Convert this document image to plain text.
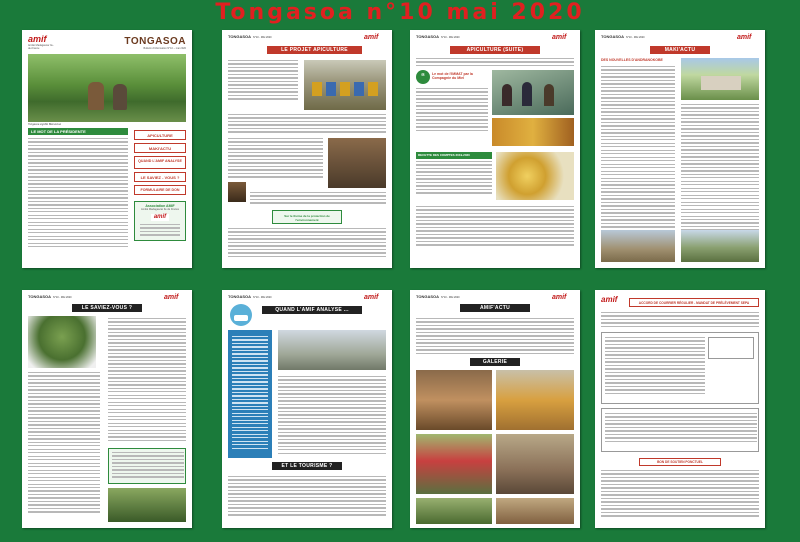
Tongasoa n°10 mai 2020
amif
Amitié Madagascar Ile-de-France
TONGASOA
Bulletin d'information N°10 – mai 2020
Tongasoa signifie Bienvenue
LE MOT DE LA PRÉSIDENTE
APICULTURE
MAKI'ACTU
QUAND L'AMIF ANALYSE
LE SAVIEZ - VOUS ?
FORMULAIRE DE DON
Association AMIF
Amitié Madagascar Ile de France
amif
TONGASOA N°10 - MAI 2020	amif
LE PROJET APICULTURE
Sur le thème de la protection de l'environnement
TONGASOA N°10 - MAI 2020	amif
APICULTURE (SUITE)
“	Le mot de l'IMMAT par la Compagnie du Miel
RECETTE DES COMPTES 2019-2020
TONGASOA N°10 - MAI 2020	amif
MAKI'ACTU
DES NOUVELLES D'ANDRANOKOBE
TONGASOA N°10 - MAI 2020	amif
LE SAVIEZ-VOUS ?
TONGASOA N°10 - MAI 2020	amif
QUAND L'AMIF ANALYSE ...
ET LE TOURISME ?
TONGASOA N°10 - MAI 2020	amif
AMIF'ACTU
GALERIE
amif	ACCORD DE COURRIER RÉGULIER - MANDAT DE PRÉLÈVEMENT SEPA
BON DE SOUTIEN PONCTUEL
